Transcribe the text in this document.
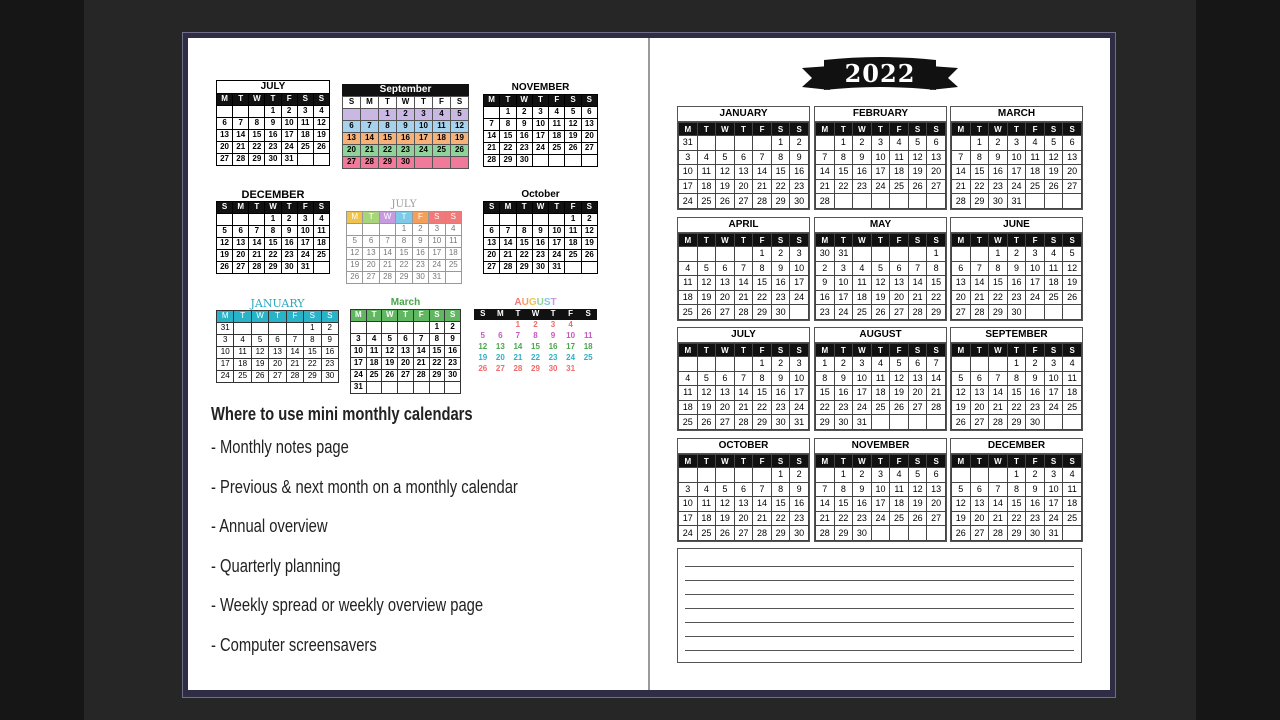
JULY
M	T	W	T	F	S	S
			1	2	3	4
6	7	8	9	10	11	12
13	14	15	16	17	18	19
20	21	22	23	24	25	26
27	28	29	30	31		
September
S	M	T	W	T	F	S
		1	2	3	4	5
6	7	8	9	10	11	12
13	14	15	16	17	18	19
20	21	22	23	24	25	26
27	28	29	30			
NOVEMBER
M	T	W	T	F	S	S
	1	2	3	4	5	6
7	8	9	10	11	12	13
14	15	16	17	18	19	20
21	22	23	24	25	26	27
28	29	30				
DECEMBER
S	M	T	W	T	F	S
			1	2	3	4
5	6	7	8	9	10	11
12	13	14	15	16	17	18
19	20	21	22	23	24	25
26	27	28	29	30	31	
JULY
M	T	W	T	F	S	S
			1	2	3	4
5	6	7	8	9	10	11
12	13	14	15	16	17	18
19	20	21	22	23	24	25
26	27	28	29	30	31	
October
S	M	T	W	T	F	S
					1	2
6	7	8	9	10	11	12
13	14	15	16	17	18	19
20	21	22	23	24	25	26
27	28	29	30	31		
JANUARY
M	T	W	T	F	S	S
31					1	2
3	4	5	6	7	8	9
10	11	12	13	14	15	16
17	18	19	20	21	22	23
24	25	26	27	28	29	30
March
M	T	W	T	F	S	S
					1	2
3	4	5	6	7	8	9
10	11	12	13	14	15	16
17	18	19	20	21	22	23
24	25	26	27	28	29	30
31						
AUGUST
S	M	T	W	T	F	S
		1	2	3	4	
5	6	7	8	9	10	11
12	13	14	15	16	17	18
19	20	21	22	23	24	25
26	27	28	29	30	31	
Where to use mini monthly calendars
- Monthly notes page
- Previous & next month on a monthly calendar
- Annual overview
- Quarterly planning
- Weekly spread or weekly overview page
- Computer screensavers
2022
JANUARY
M	T	W	T	F	S	S
31					1	2
3	4	5	6	7	8	9
10	11	12	13	14	15	16
17	18	19	20	21	22	23
24	25	26	27	28	29	30
FEBRUARY
M	T	W	T	F	S	S
	1	2	3	4	5	6
7	8	9	10	11	12	13
14	15	16	17	18	19	20
21	22	23	24	25	26	27
28						
MARCH
M	T	W	T	F	S	S
	1	2	3	4	5	6
7	8	9	10	11	12	13
14	15	16	17	18	19	20
21	22	23	24	25	26	27
28	29	30	31			
APRIL
M	T	W	T	F	S	S
				1	2	3
4	5	6	7	8	9	10
11	12	13	14	15	16	17
18	19	20	21	22	23	24
25	26	27	28	29	30	
MAY
M	T	W	T	F	S	S
30	31					1
2	3	4	5	6	7	8
9	10	11	12	13	14	15
16	17	18	19	20	21	22
23	24	25	26	27	28	29
JUNE
M	T	W	T	F	S	S
		1	2	3	4	5
6	7	8	9	10	11	12
13	14	15	16	17	18	19
20	21	22	23	24	25	26
27	28	29	30			
JULY
M	T	W	T	F	S	S
				1	2	3
4	5	6	7	8	9	10
11	12	13	14	15	16	17
18	19	20	21	22	23	24
25	26	27	28	29	30	31
AUGUST
M	T	W	T	F	S	S
1	2	3	4	5	6	7
8	9	10	11	12	13	14
15	16	17	18	19	20	21
22	23	24	25	26	27	28
29	30	31				
SEPTEMBER
M	T	W	T	F	S	S
			1	2	3	4
5	6	7	8	9	10	11
12	13	14	15	16	17	18
19	20	21	22	23	24	25
26	27	28	29	30		
OCTOBER
M	T	W	T	F	S	S
					1	2
3	4	5	6	7	8	9
10	11	12	13	14	15	16
17	18	19	20	21	22	23
24	25	26	27	28	29	30
NOVEMBER
M	T	W	T	F	S	S
	1	2	3	4	5	6
7	8	9	10	11	12	13
14	15	16	17	18	19	20
21	22	23	24	25	26	27
28	29	30				
DECEMBER
M	T	W	T	F	S	S
			1	2	3	4
5	6	7	8	9	10	11
12	13	14	15	16	17	18
19	20	21	22	23	24	25
26	27	28	29	30	31	
